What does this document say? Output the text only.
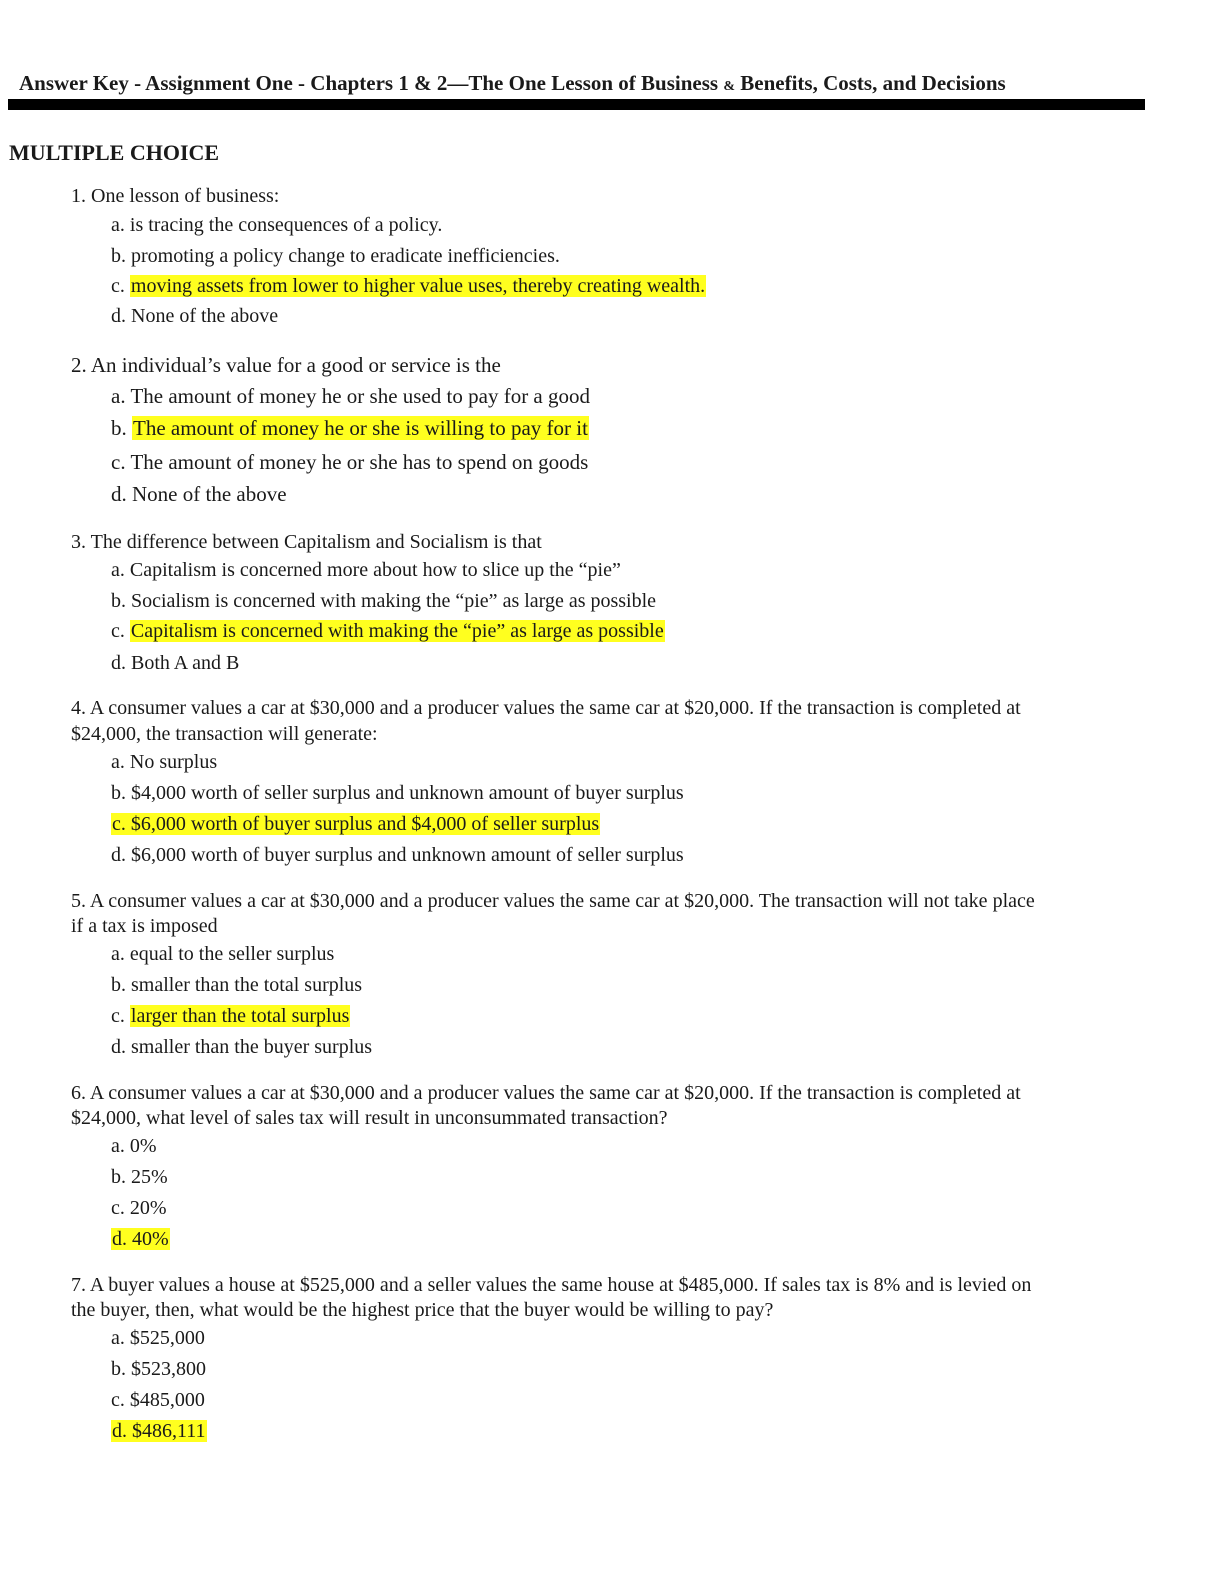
Answer Key - Assignment One - Chapters 1 & 2—The One Lesson of Business & Benefits, Costs, and Decisions
MULTIPLE CHOICE
1. One lesson of business:
a. is tracing the consequences of a policy.
b. promoting a policy change to eradicate inefficiencies.
c. moving assets from lower to higher value uses, thereby creating wealth.
d. None of the above
2. An individual’s value for a good or service is the
a. The amount of money he or she used to pay for a good
b. The amount of money he or she is willing to pay for it
c. The amount of money he or she has to spend on goods
d. None of the above
3. The difference between Capitalism and Socialism is that
a. Capitalism is concerned more about how to slice up the “pie”
b. Socialism is concerned with making the “pie” as large as possible
c. Capitalism is concerned with making the “pie” as large as possible
d. Both A and B
4. A consumer values a car at $30,000 and a producer values the same car at $20,000. If the transaction is completed at
$24,000, the transaction will generate:
a. No surplus
b. $4,000 worth of seller surplus and unknown amount of buyer surplus
c. $6,000 worth of buyer surplus and $4,000 of seller surplus
d. $6,000 worth of buyer surplus and unknown amount of seller surplus
5. A consumer values a car at $30,000 and a producer values the same car at $20,000. The transaction will not take place
if a tax is imposed
a. equal to the seller surplus
b. smaller than the total surplus
c. larger than the total surplus
d. smaller than the buyer surplus
6. A consumer values a car at $30,000 and a producer values the same car at $20,000. If the transaction is completed at
$24,000, what level of sales tax will result in unconsummated transaction?
a. 0%
b. 25%
c. 20%
d. 40%
7. A buyer values a house at $525,000 and a seller values the same house at $485,000. If sales tax is 8% and is levied on
the buyer, then, what would be the highest price that the buyer would be willing to pay?
a. $525,000
b. $523,800
c. $485,000
d. $486,111
